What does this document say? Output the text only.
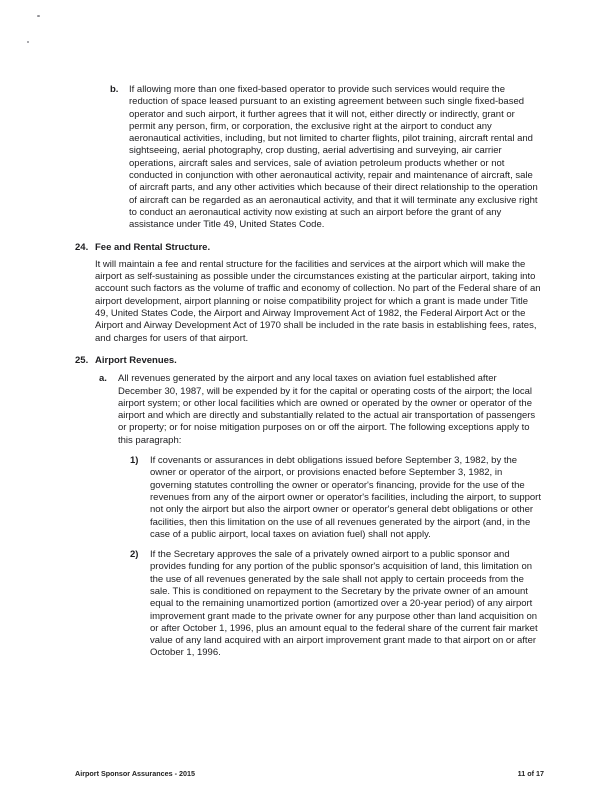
b.	If allowing more than one fixed-based operator to provide such services would require the reduction of space leased pursuant to an existing agreement between such single fixed-based operator and such airport, it further agrees that it will not, either directly or indirectly, grant or permit any person, firm, or corporation, the exclusive right at the airport to conduct any aeronautical activities, including, but not limited to charter flights, pilot training, aircraft rental and sightseeing, aerial photography, crop dusting, aerial advertising and surveying, air carrier operations, aircraft sales and services, sale of aviation petroleum products whether or not conducted in conjunction with other aeronautical activity, repair and maintenance of aircraft, sale of aircraft parts, and any other activities which because of their direct relationship to the operation of aircraft can be regarded as an aeronautical activity, and that it will terminate any exclusive right to conduct an aeronautical activity now existing at such an airport before the grant of any assistance under Title 49, United States Code.
24. Fee and Rental Structure.
It will maintain a fee and rental structure for the facilities and services at the airport which will make the airport as self-sustaining as possible under the circumstances existing at the particular airport, taking into account such factors as the volume of traffic and economy of collection. No part of the Federal share of an airport development, airport planning or noise compatibility project for which a grant is made under Title 49, United States Code, the Airport and Airway Improvement Act of 1982, the Federal Airport Act or the Airport and Airway Development Act of 1970 shall be included in the rate basis in establishing fees, rates, and charges for users of that airport.
25. Airport Revenues.
a.	All revenues generated by the airport and any local taxes on aviation fuel established after December 30, 1987, will be expended by it for the capital or operating costs of the airport; the local airport system; or other local facilities which are owned or operated by the owner or operator of the airport and which are directly and substantially related to the actual air transportation of passengers or property; or for noise mitigation purposes on or off the airport. The following exceptions apply to this paragraph:
1)	If covenants or assurances in debt obligations issued before September 3, 1982, by the owner or operator of the airport, or provisions enacted before September 3, 1982, in governing statutes controlling the owner or operator's financing, provide for the use of the revenues from any of the airport owner or operator's facilities, including the airport, to support not only the airport but also the airport owner or operator's general debt obligations or other facilities, then this limitation on the use of all revenues generated by the airport (and, in the case of a public airport, local taxes on aviation fuel) shall not apply.
2)	If the Secretary approves the sale of a privately owned airport to a public sponsor and provides funding for any portion of the public sponsor's acquisition of land, this limitation on the use of all revenues generated by the sale shall not apply to certain proceeds from the sale. This is conditioned on repayment to the Secretary by the private owner of an amount equal to the remaining unamortized portion (amortized over a 20-year period) of any airport improvement grant made to the private owner for any purpose other than land acquisition on or after October 1, 1996, plus an amount equal to the federal share of the current fair market value of any land acquired with an airport improvement grant made to that airport on or after October 1, 1996.
Airport Sponsor Assurances - 2015	11 of 17
